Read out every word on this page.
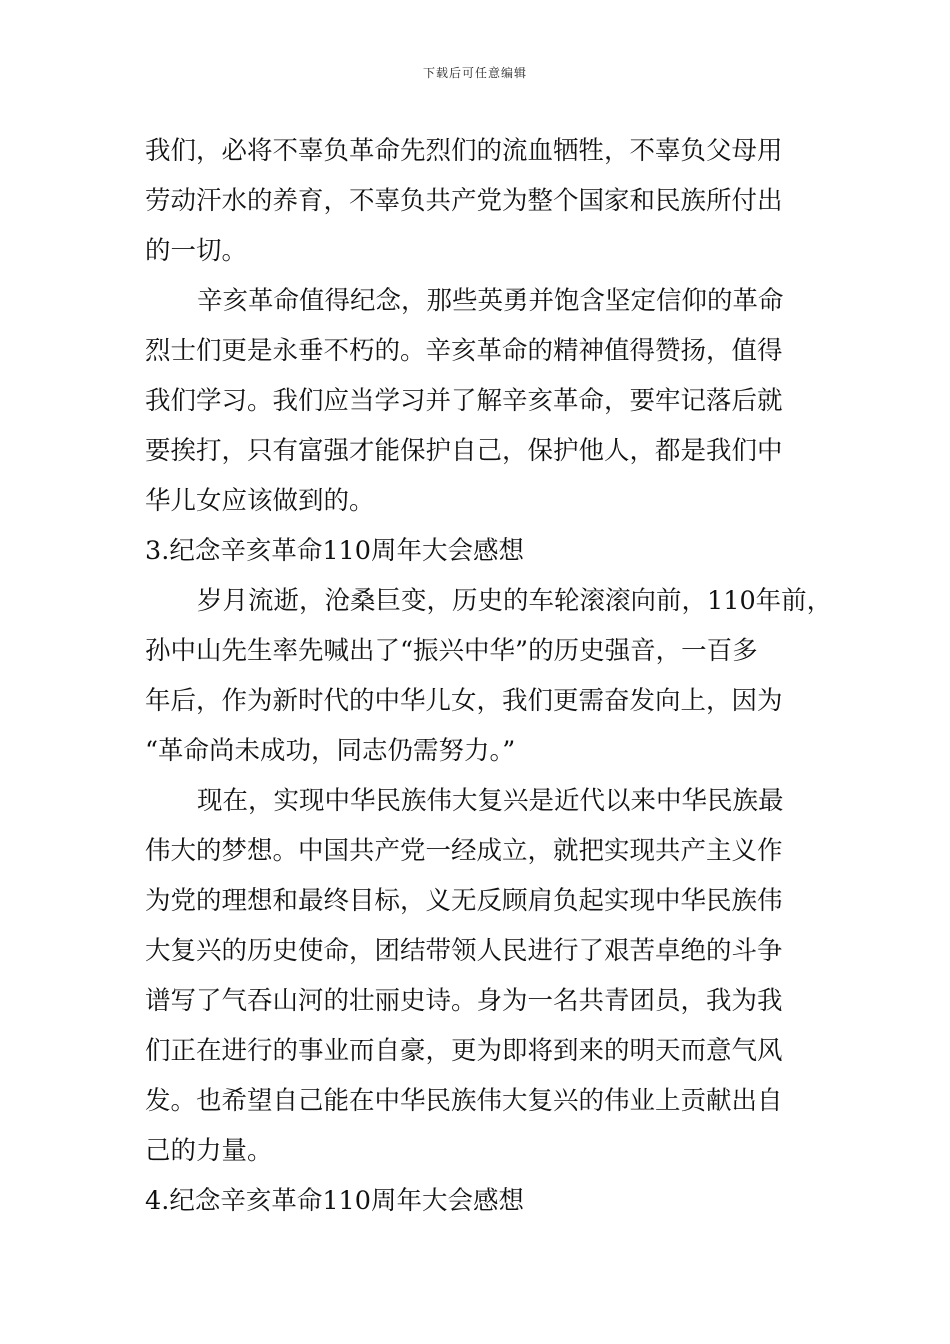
下载后可任意编辑
我们，必将不辜负革命先烈们的流血牺牲，不辜负父母用
劳动汗水的养育，不辜负共产党为整个国家和民族所付出
的一切。
辛亥革命值得纪念，那些英勇并饱含坚定信仰的革命
烈士们更是永垂不朽的。辛亥革命的精神值得赞扬，值得
我们学习。我们应当学习并了解辛亥革命，要牢记落后就
要挨打，只有富强才能保护自己，保护他人，都是我们中
华儿女应该做到的。
3.纪念辛亥革命110周年大会感想
岁月流逝，沧桑巨变，历史的车轮滚滚向前，110年前，
孙中山先生率先喊出了“振兴中华”的历史强音，一百多
年后，作为新时代的中华儿女，我们更需奋发向上，因为
“革命尚未成功，同志仍需努力。”
现在，实现中华民族伟大复兴是近代以来中华民族最
伟大的梦想。中国共产党一经成立，就把实现共产主义作
为党的理想和最终目标，义无反顾肩负起实现中华民族伟
大复兴的历史使命，团结带领人民进行了艰苦卓绝的斗争
谱写了气吞山河的壮丽史诗。身为一名共青团员，我为我
们正在进行的事业而自豪，更为即将到来的明天而意气风
发。也希望自己能在中华民族伟大复兴的伟业上贡献出自
己的力量。
4.纪念辛亥革命110周年大会感想
